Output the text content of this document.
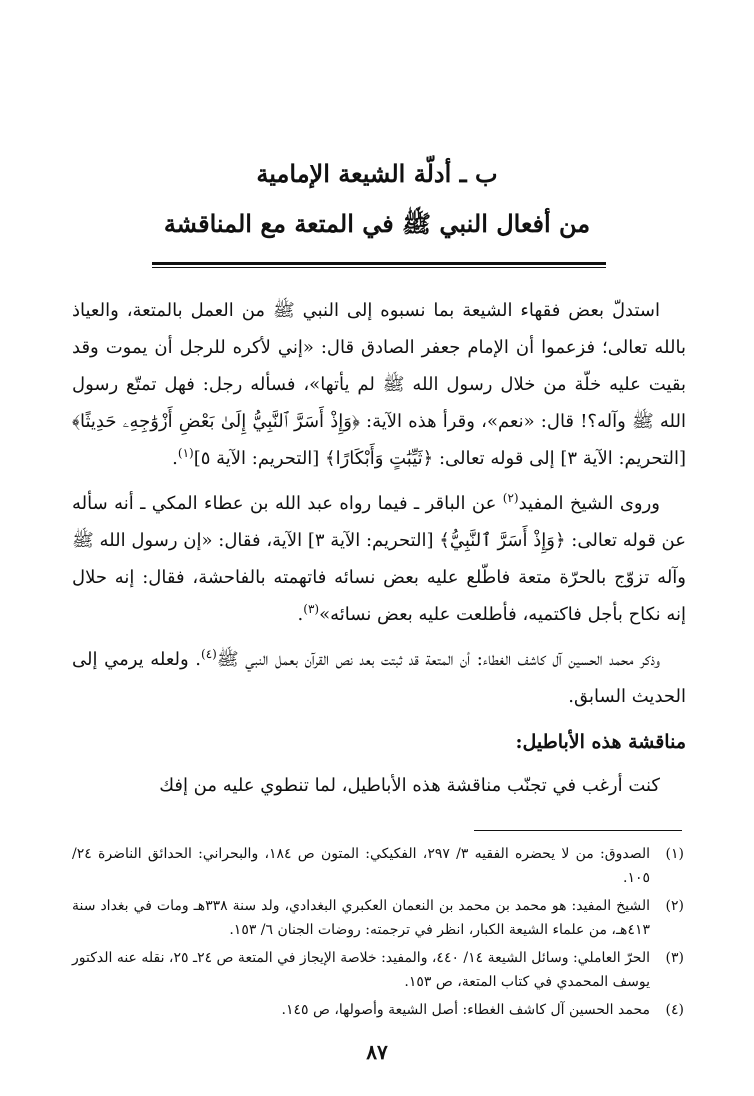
ب ـ أدلّة الشيعة الإمامية

من أفعال النبي ﷺ في المتعة مع المناقشة

استدلّ بعض فقهاء الشيعة بما نسبوه إلى النبي ﷺ من العمل بالمتعة، والعياذ بالله تعالى؛ فزعموا أن الإمام جعفر الصادق قال: «إني لأكره للرجل أن يموت وقد بقيت عليه خلّة من خلال رسول الله ﷺ لم يأتها»، فسأله رجل: فهل تمتّع رسول الله ﷺ وآله؟! قال: «نعم»، وقرأ هذه الآية: ﴿وَإِذْ أَسَرَّ ٱلنَّبِيُّ إِلَىٰ بَعْضِ أَزْوَٰجِهِۦ حَدِيثًا﴾ [التحريم: الآية ٣] إلى قوله تعالى: ﴿ثَيِّبَٰتٍ وَأَبْكَارًا﴾ [التحريم: الآية ٥]$^{(١)}$.

وروى الشيخ المفيد$^{(٢)}$ عن الباقر ـ فيما رواه عبد الله بن عطاء المكي ـ أنه سأله عن قوله تعالى: ﴿وَإِذْ أَسَرَّ ٱلنَّبِيُّ﴾ [التحريم: الآية ٣] الآية، فقال: «إن رسول الله ﷺ وآله تزوّج بالحرّة متعة فاطّلع عليه بعض نسائه فاتهمته بالفاحشة، فقال: إنه حلال إنه نكاح بأجل فاكتميه، فأطلعت عليه بعض نسائه»$^{(٣)}$.

وذكر محمد الحسين آل كاشف الغطاء: أن المتعة قد ثبتت بعد نص القرآن بعمل النبي ﷺ$^{(٤)}$. ولعله يرمي إلى الحديث السابق.

مناقشة هذه الأباطيل:

كنت أرغب في تجنّب مناقشة هذه الأباطيل، لما تنطوي عليه من إفك

(١)
الصدوق: من لا يحضره الفقيه ٣/ ٢٩٧، الفكيكي: المتون ص ١٨٤، والبحراني: الحدائق الناضرة ٢٤/ ١٠٥.
(٢)
الشيخ المفيد: هو محمد بن محمد بن النعمان العكبري البغدادي، ولد سنة ٣٣٨هـ ومات في بغداد سنة ٤١٣هـ، من علماء الشيعة الكبار، انظر في ترجمته: روضات الجنان ٦/ ١٥٣.
(٣)
الحرّ العاملي: وسائل الشيعة ١٤/ ٤٤٠، والمفيد: خلاصة الإيجاز في المتعة ص ٢٤ـ ٢٥، نقله عنه الدكتور يوسف المحمدي في كتاب المتعة، ص ١٥٣.
(٤)
محمد الحسين آل كاشف الغطاء: أصل الشيعة وأصولها، ص ١٤٥.
٨٧
